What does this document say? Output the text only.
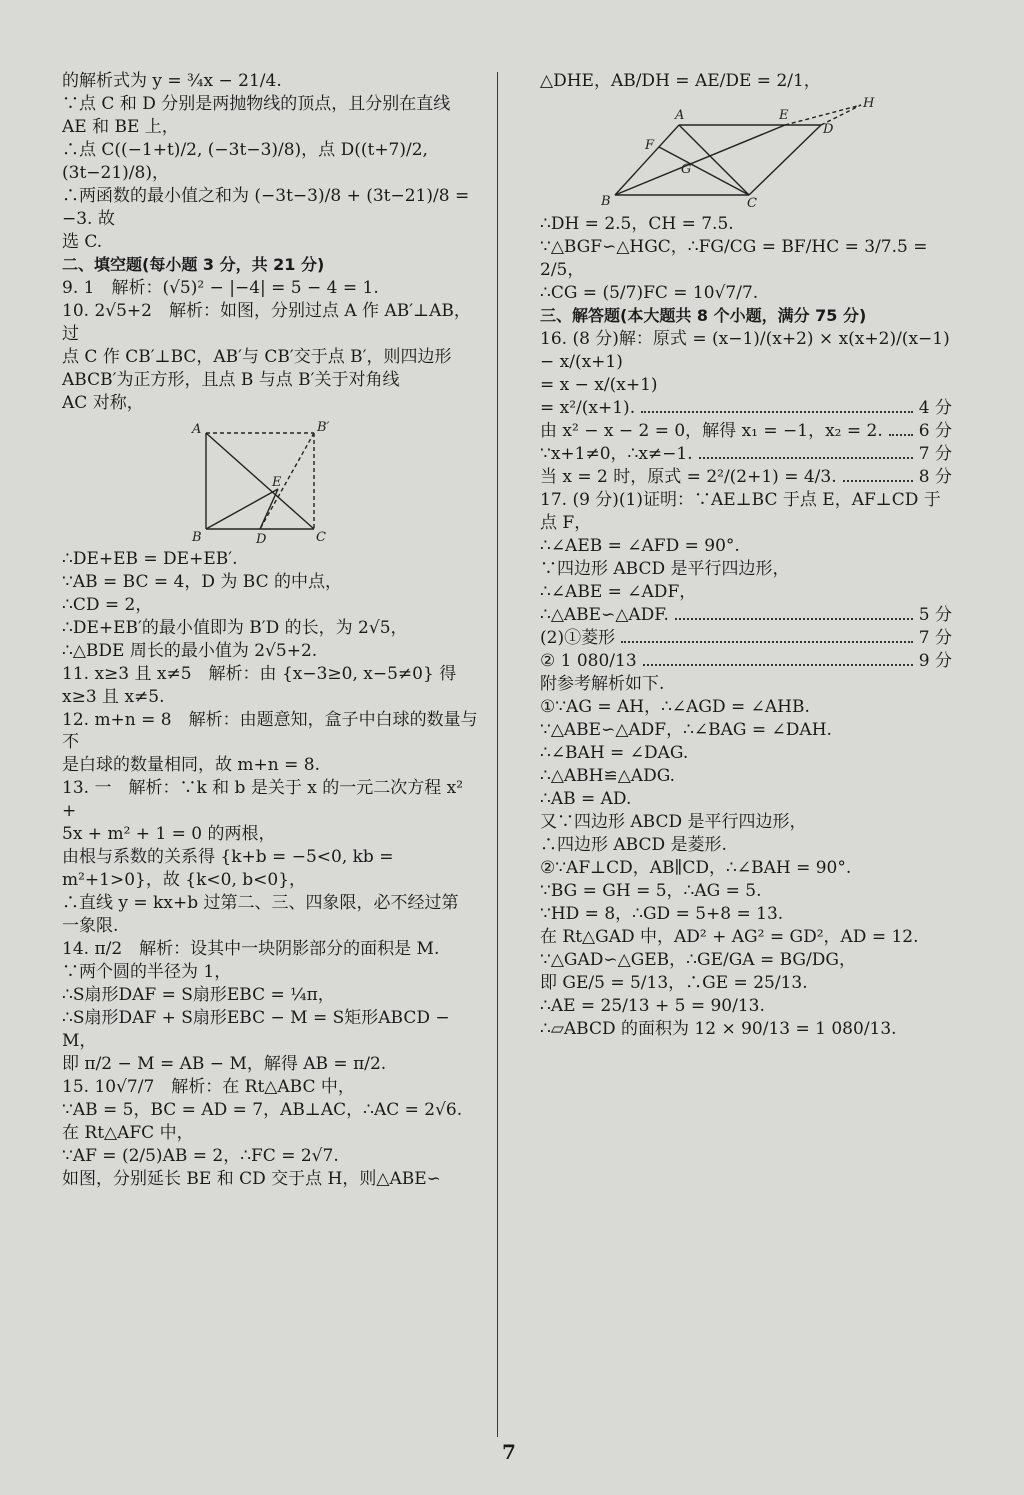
的解析式为 y = ¾x − 21/4.
∵点 C 和 D 分别是两抛物线的顶点，且分别在直线
AE 和 BE 上，
∴点 C((−1+t)/2, (−3t−3)/8)，点 D((t+7)/2, (3t−21)/8)，
∴两函数的最小值之和为 (−3t−3)/8 + (3t−21)/8 = −3. 故
选 C.
二、填空题(每小题 3 分，共 21 分)
9. 1　解析：(√5)² − |−4| = 5 − 4 = 1.
10. 2√5+2　解析：如图，分别过点 A 作 AB′⊥AB，过
点 C 作 CB′⊥BC，AB′与 CB′交于点 B′，则四边形
ABCB′为正方形，且点 B 与点 B′关于对角线
AC 对称，
A	B′
E
B	D	C
∴DE+EB = DE+EB′.
∵AB = BC = 4，D 为 BC 的中点，
∴CD = 2，
∴DE+EB′的最小值即为 B′D 的长，为 2√5，
∴△BDE 周长的最小值为 2√5+2.
11. x≥3 且 x≠5　解析：由 {x−3≥0, x−5≠0} 得 x≥3 且 x≠5.
12. m+n = 8　解析：由题意知，盒子中白球的数量与不
是白球的数量相同，故 m+n = 8.
13. 一　解析：∵k 和 b 是关于 x 的一元二次方程 x² +
5x + m² + 1 = 0 的两根，
由根与系数的关系得 {k+b = −5<0, kb = m²+1>0}，故 {k<0, b<0}，
∴直线 y = kx+b 过第二、三、四象限，必不经过第
一象限.
14. π/2　解析：设其中一块阴影部分的面积是 M.
∵两个圆的半径为 1，
∴S扇形DAF = S扇形EBC = ¼π，
∴S扇形DAF + S扇形EBC − M = S矩形ABCD − M，
即 π/2 − M = AB − M，解得 AB = π/2.
15. 10√7/7　解析：在 Rt△ABC 中，
∵AB = 5，BC = AD = 7，AB⊥AC，∴AC = 2√6.
在 Rt△AFC 中，
∵AF = (2/5)AB = 2，∴FC = 2√7.
如图，分别延长 BE 和 CD 交于点 H，则△ABE∽
△DHE，AB/DH = AE/DE = 2/1，
A	E
H
D
F
G
B	C
∴DH = 2.5，CH = 7.5.
∵△BGF∽△HGC，∴FG/CG = BF/HC = 3/7.5 = 2/5，
∴CG = (5/7)FC = 10√7/7.
三、解答题(本大题共 8 个小题，满分 75 分)
16. (8 分)解：原式 = (x−1)/(x+2) × x(x+2)/(x−1) − x/(x+1)
= x − x/(x+1)
= x²/(x+1).	4 分
由 x² − x − 2 = 0，解得 x₁ = −1，x₂ = 2. 6 分
∵x+1≠0，∴x≠−1.	7 分
当 x = 2 时，原式 = 2²/(2+1) = 4/3.	8 分
17. (9 分)(1)证明：∵AE⊥BC 于点 E，AF⊥CD 于
点 F，
∴∠AEB = ∠AFD = 90°.
∵四边形 ABCD 是平行四边形，
∴∠ABE = ∠ADF，
∴△ABE∽△ADF.	5 分
(2)①菱形	7 分
② 1 080/13	9 分
附参考解析如下.
①∵AG = AH，∴∠AGD = ∠AHB.
∵△ABE∽△ADF，∴∠BAG = ∠DAH.
∴∠BAH = ∠DAG.
∴△ABH≌△ADG.
∴AB = AD.
又∵四边形 ABCD 是平行四边形，
∴四边形 ABCD 是菱形.
②∵AF⊥CD，AB∥CD，∴∠BAH = 90°.
∵BG = GH = 5，∴AG = 5.
∵HD = 8，∴GD = 5+8 = 13.
在 Rt△GAD 中，AD² + AG² = GD²，AD = 12.
∵△GAD∽△GEB，∴GE/GA = BG/DG，
即 GE/5 = 5/13，∴GE = 25/13.
∴AE = 25/13 + 5 = 90/13.
∴▱ABCD 的面积为 12 × 90/13 = 1 080/13.
7
